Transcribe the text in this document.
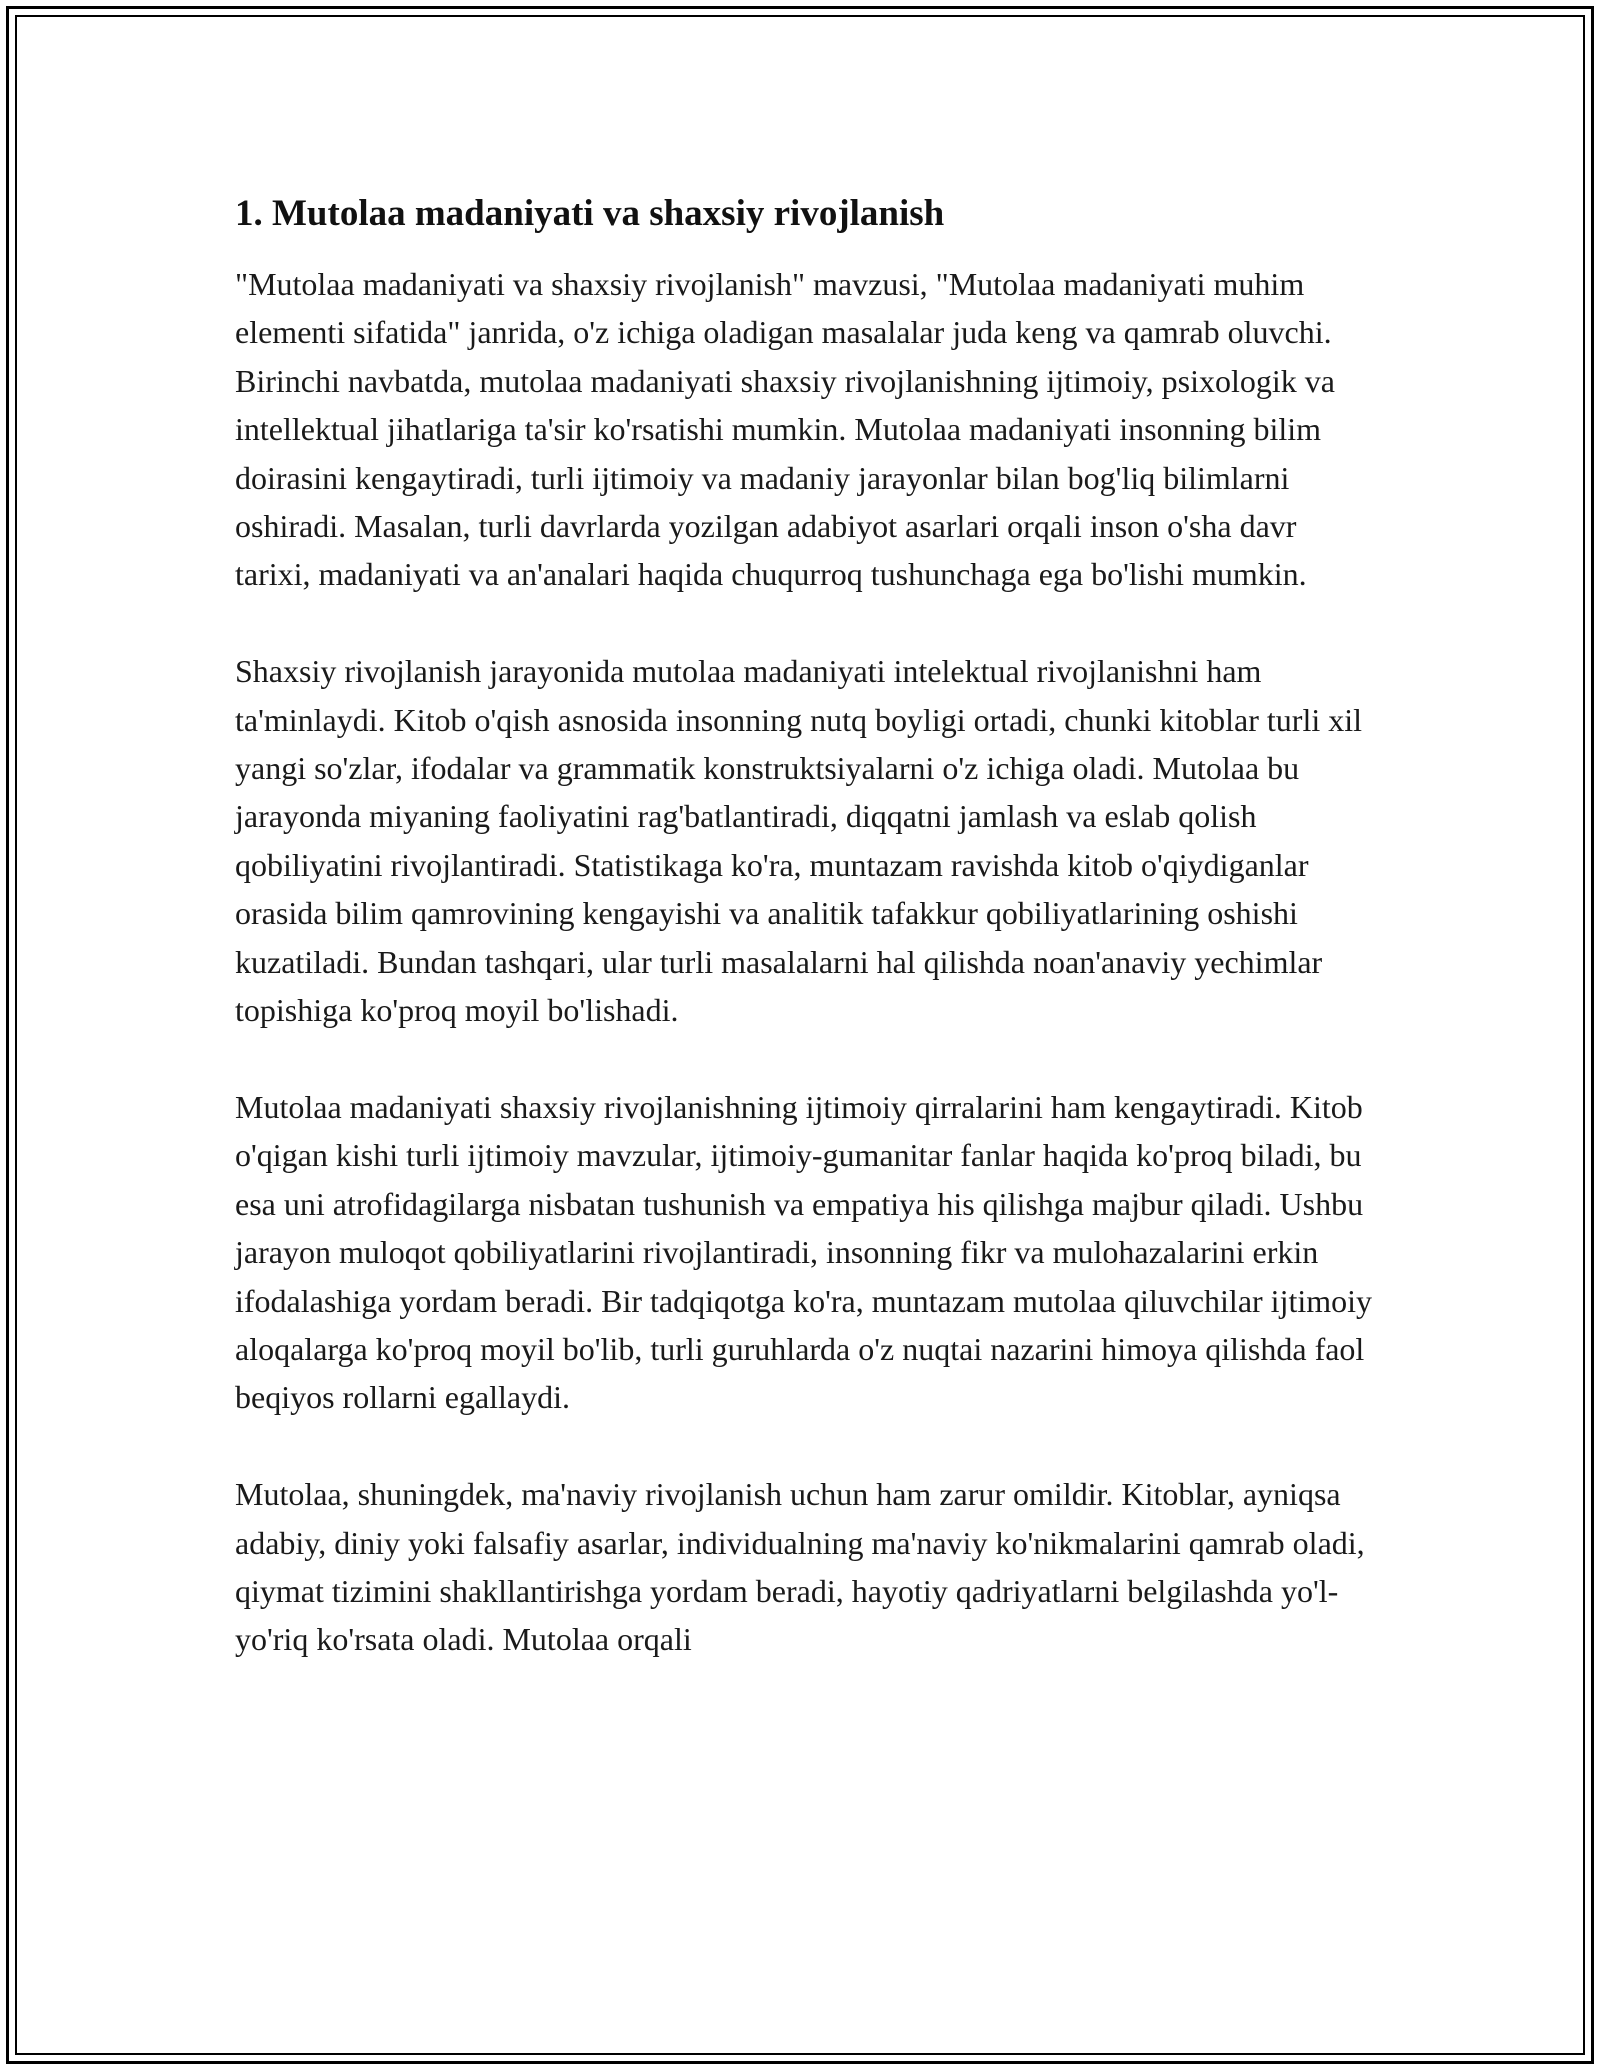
1. Mutolaa madaniyati va shaxsiy rivojlanish

"Mutolaa madaniyati va shaxsiy rivojlanish" mavzusi, "Mutolaa madaniyati muhim elementi sifatida" janrida, o'z ichiga oladigan masalalar juda keng va qamrab oluvchi. Birinchi navbatda, mutolaa madaniyati shaxsiy rivojlanishning ijtimoiy, psixologik va intellektual jihatlariga ta'sir ko'rsatishi mumkin. Mutolaa madaniyati insonning bilim doirasini kengaytiradi, turli ijtimoiy va madaniy jarayonlar bilan bog'liq bilimlarni oshiradi. Masalan, turli davrlarda yozilgan adabiyot asarlari orqali inson o'sha davr tarixi, madaniyati va an'analari haqida chuqurroq tushunchaga ega bo'lishi mumkin.

Shaxsiy rivojlanish jarayonida mutolaa madaniyati intelektual rivojlanishni ham ta'minlaydi. Kitob o'qish asnosida insonning nutq boyligi ortadi, chunki kitoblar turli xil yangi so'zlar, ifodalar va grammatik konstruktsiyalarni o'z ichiga oladi. Mutolaa bu jarayonda miyaning faoliyatini rag'batlantiradi, diqqatni jamlash va eslab qolish qobiliyatini rivojlantiradi. Statistikaga ko'ra, muntazam ravishda kitob o'qiydiganlar orasida bilim qamrovining kengayishi va analitik tafakkur qobiliyatlarining oshishi kuzatiladi. Bundan tashqari, ular turli masalalarni hal qilishda noan'anaviy yechimlar topishiga ko'proq moyil bo'lishadi.

Mutolaa madaniyati shaxsiy rivojlanishning ijtimoiy qirralarini ham kengaytiradi. Kitob o'qigan kishi turli ijtimoiy mavzular, ijtimoiy-gumanitar fanlar haqida ko'proq biladi, bu esa uni atrofidagilarga nisbatan tushunish va empatiya his qilishga majbur qiladi. Ushbu jarayon muloqot qobiliyatlarini rivojlantiradi, insonning fikr va mulohazalarini erkin ifodalashiga yordam beradi. Bir tadqiqotga ko'ra, muntazam mutolaa qiluvchilar ijtimoiy aloqalarga ko'proq moyil bo'lib, turli guruhlarda o'z nuqtai nazarini himoya qilishda faol beqiyos rollarni egallaydi.

Mutolaa, shuningdek, ma'naviy rivojlanish uchun ham zarur omildir. Kitoblar, ayniqsa adabiy, diniy yoki falsafiy asarlar, individualning ma'naviy ko'nikmalarini qamrab oladi, qiymat tizimini shakllantirishga yordam beradi, hayotiy qadriyatlarni belgilashda yo'l-yo'riq ko'rsata oladi. Mutolaa orqali
